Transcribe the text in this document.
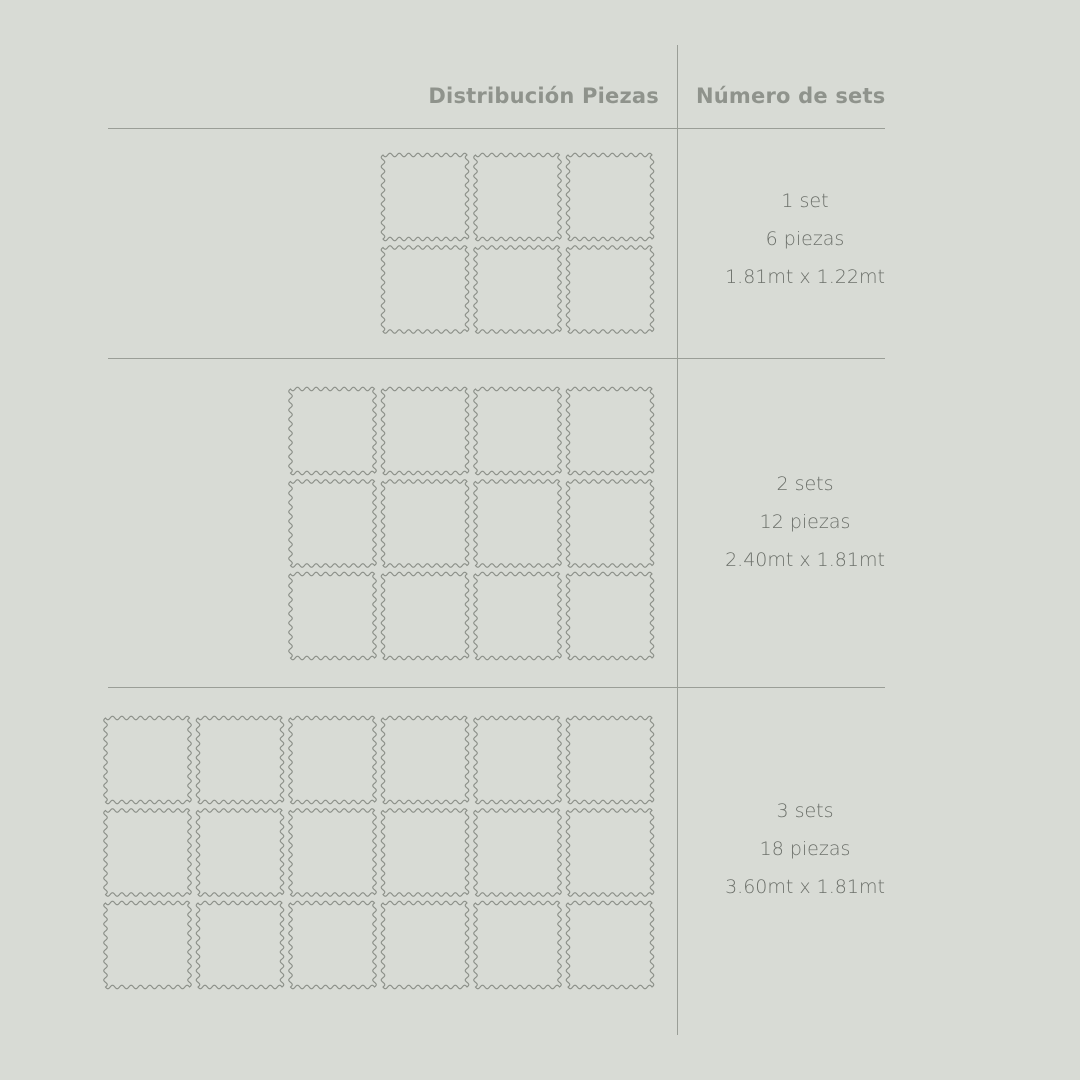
Distribución Piezas Número de sets
1 set
6 piezas
1.81mt x 1.22mt
2 sets
12 piezas
2.40mt x 1.81mt
3 sets
18 piezas
3.60mt x 1.81mt
